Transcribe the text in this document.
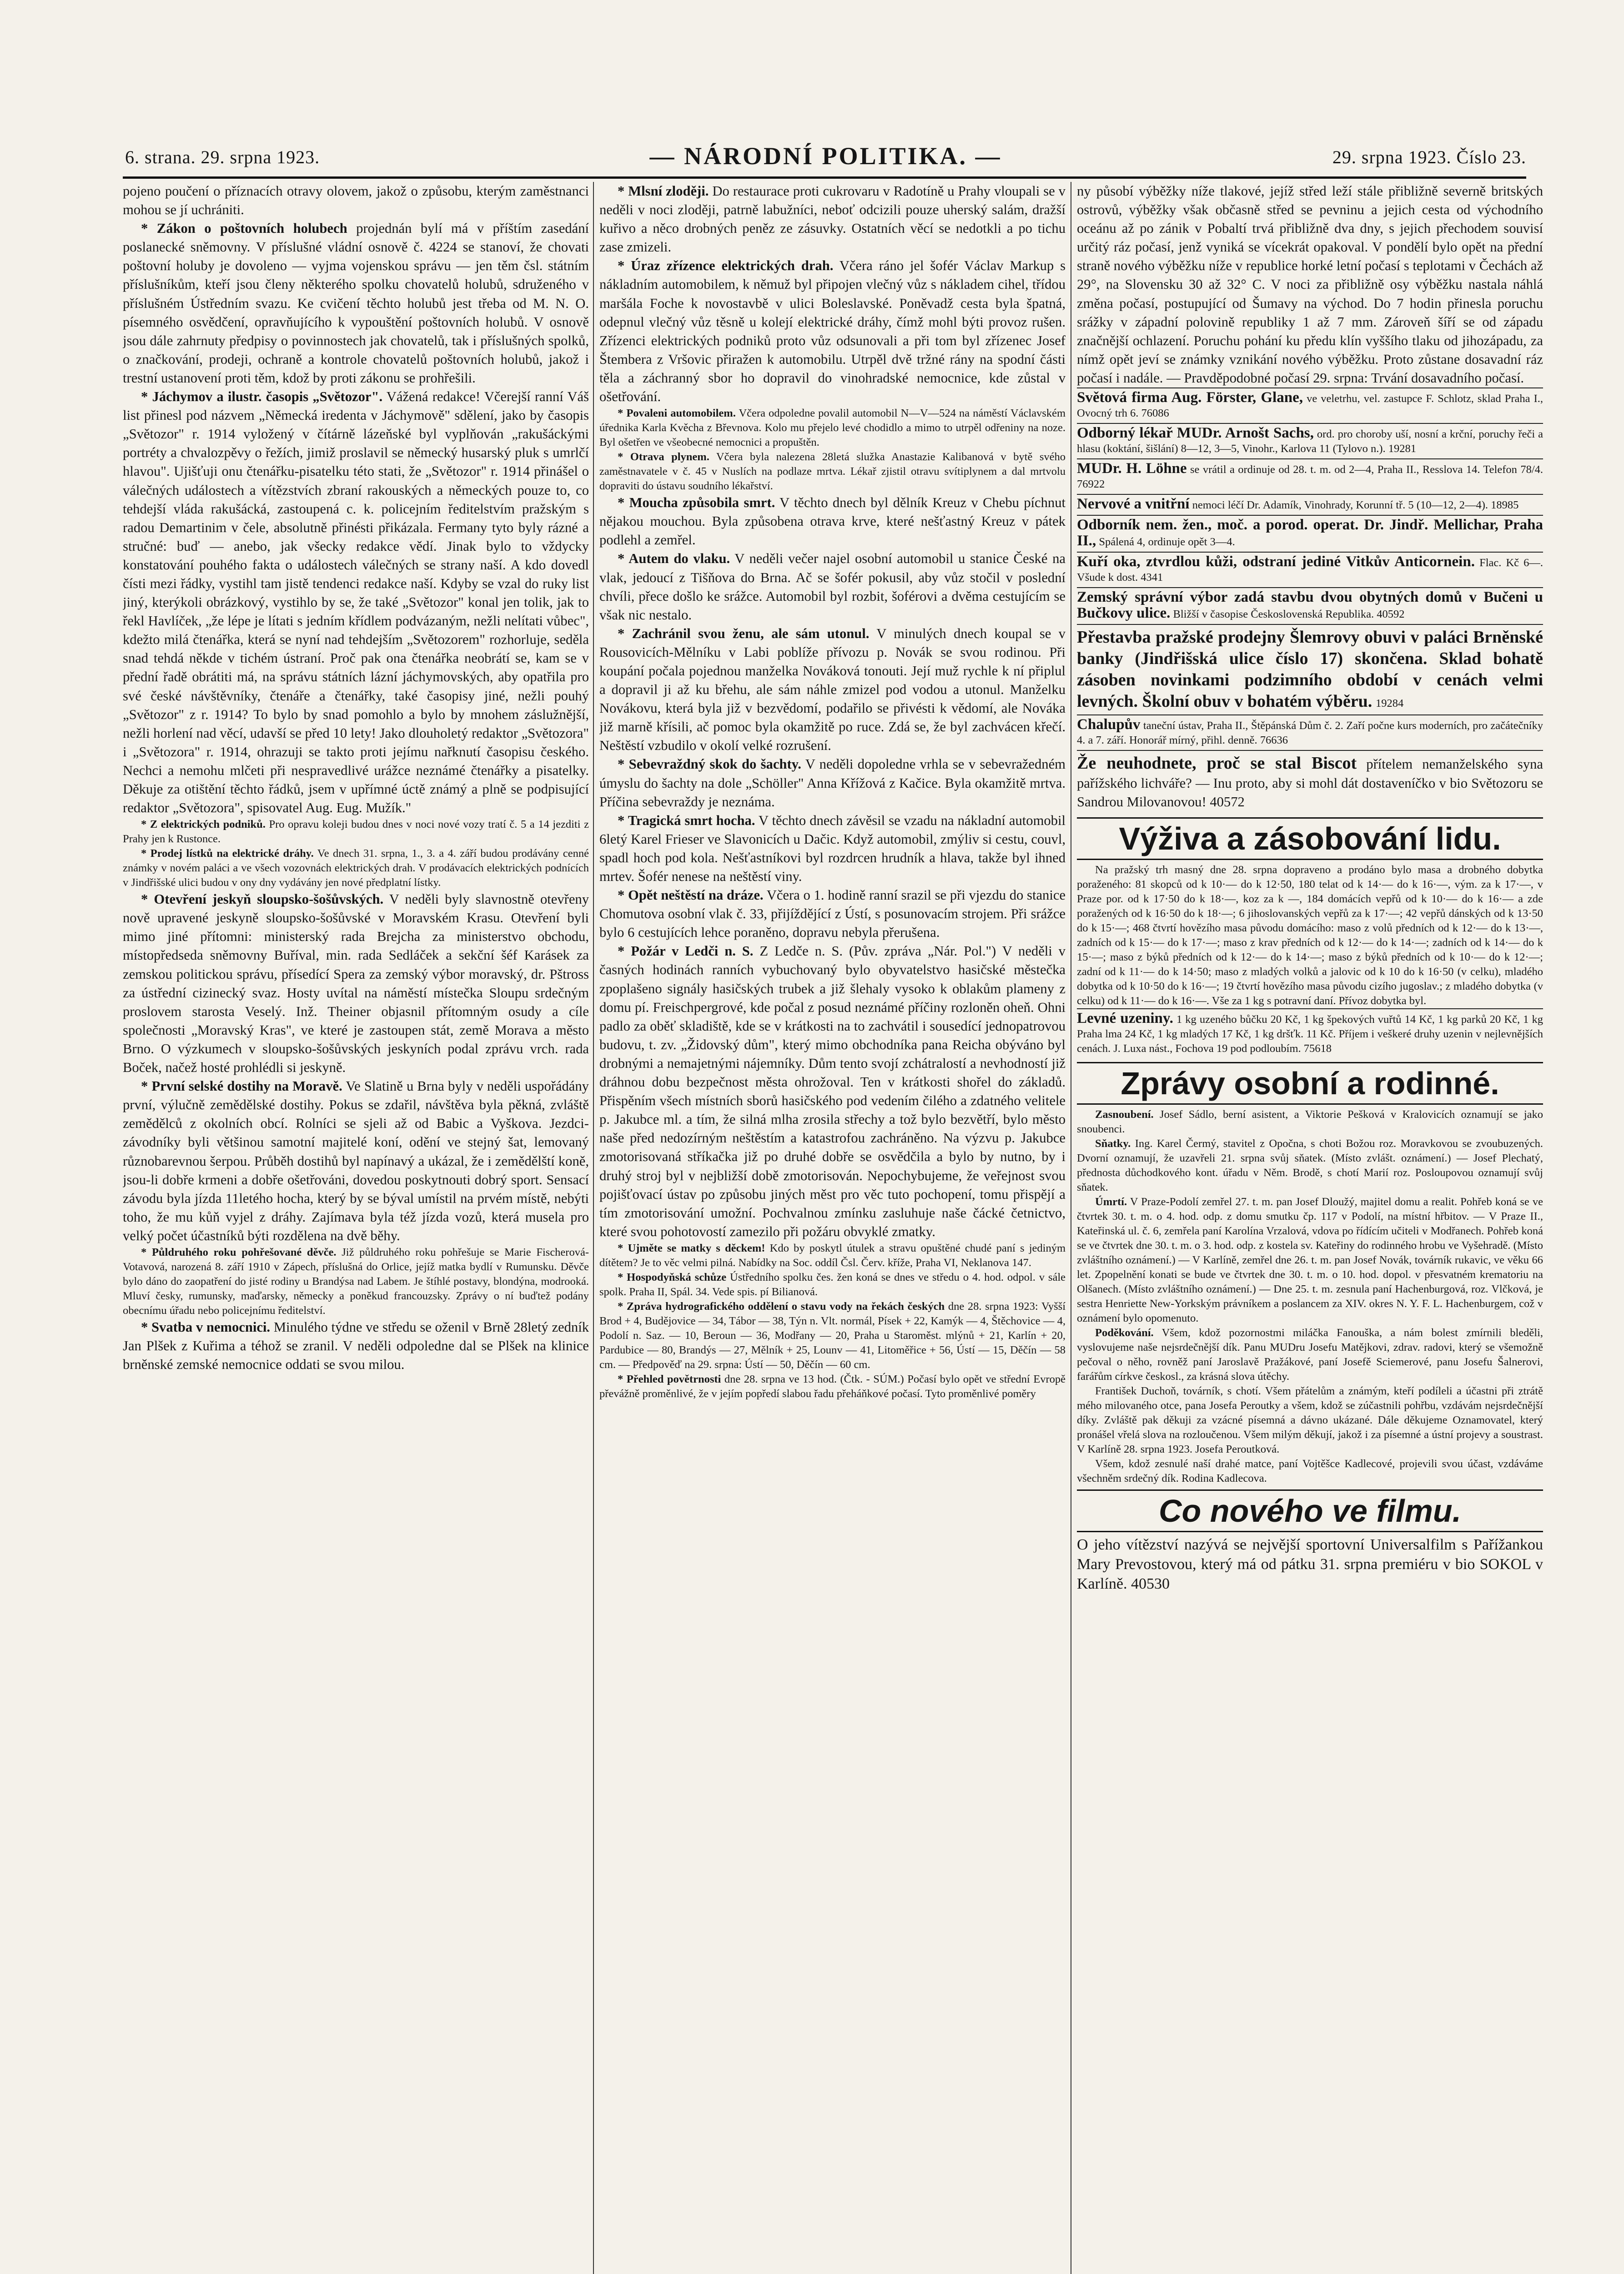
6. strana. 29. srpna 1923.	— NÁRODNÍ POLITIKA. —	29. srpna 1923. Číslo 23.

pojeno poučení o příznacích otravy olovem, jakož o způsobu, kterým zaměstnanci mohou se jí uchrániti.

* Zákon o poštovních holubech projednán bylí má v příštím zasedání poslanecké sněmovny. V příslušné vládní osnově č. 4224 se stanoví, že chovati poštovní holuby je dovoleno — vyjma vojenskou správu — jen těm čsl. státním příslušníkům, kteří jsou členy některého spolku chovatelů holubů, sdruženého v příslušném Ústředním svazu. Ke cvičení těchto holubů jest třeba od M. N. O. písemného osvědčení, opravňujícího k vypouštění poštovních holubů. V osnově jsou dále zahrnuty předpisy o povinnostech jak chovatelů, tak i příslušných spolků, o značkování, prodeji, ochraně a kontrole chovatelů poštovních holubů, jakož i trestní ustanovení proti těm, kdož by proti zákonu se prohřešili.

* Jáchymov a ilustr. časopis „Světozor". Vážená redakce! Včerejší ranní Váš list přinesl pod názvem „Německá iredenta v Jáchymově" sdělení, jako by časopis „Světozor" r. 1914 vyložený v čítárně lázeňské byl vyplňován „rakušáckými portréty a chvalozpěvy o řežích, jimiž proslavil se německý husarský pluk s umrlčí hlavou". Ujišťuji onu čtenářku-pisatelku této stati, že „Světozor" r. 1914 přinášel o válečných událostech a vítězstvích zbraní rakouských a německých pouze to, co tehdejší vláda rakušácká, zastoupená c. k. policejním ředitelstvím pražským s radou Demartinim v čele, absolutně přinésti přikázala. Fermany tyto byly rázné a stručné: buď — anebo, jak všecky redakce vědí. Jinak bylo to vždycky konstatování pouhého fakta o událostech válečných se strany naší. A kdo dovedl čísti mezi řádky, vystihl tam jistě tendenci redakce naší. Kdyby se vzal do ruky list jiný, kterýkoli obrázkový, vystihlo by se, že také „Světozor" konal jen tolik, jak to řekl Havlíček, „že lépe je lítati s jedním křídlem podvázaným, nežli nelítati vůbec", kdežto milá čtenářka, která se nyní nad tehdejším „Světozorem" rozhorluje, seděla snad tehdá někde v tichém ústraní. Proč pak ona čtenářka neobrátí se, kam se v přední řadě obrátiti má, na správu státních lázní jáchymovských, aby opatřila pro své české návštěvníky, čtenáře a čtenářky, také časopisy jiné, nežli pouhý „Světozor" z r. 1914? To bylo by snad pomohlo a bylo by mnohem záslužnější, nežli horlení nad věcí, udavší se před 10 lety! Jako dlouholetý redaktor „Světozora" i „Světozora" r. 1914, ohrazuji se takto proti jejímu nařknutí časopisu českého. Nechci a nemohu mlčeti při nespravedlivé urážce neznámé čtenářky a pisatelky. Děkuje za otištění těchto řádků, jsem v upřímné úctě známý a plně se podpisující redaktor „Světozora", spisovatel Aug. Eug. Mužík."

* Z elektrických podniků. Pro opravu koleji budou dnes v noci nové vozy tratí č. 5 a 14 jezditi z Prahy jen k Rustonce.

* Prodej lístků na elektrické dráhy. Ve dnech 31. srpna, 1., 3. a 4. září budou prodávány cenné známky v novém paláci a ve všech vozovnách elektrických drah. V prodávacích elektrických podnících v Jindřišské ulici budou v ony dny vydávány jen nové předplatní lístky.

* Otevření jeskyň sloupsko-šošůvských. V neděli byly slavnostně otevřeny nově upravené jeskyně sloupsko-šošůvské v Moravském Krasu. Otevření byli mimo jiné přítomni: ministerský rada Brejcha za ministerstvo obchodu, místopředseda sněmovny Buříval, min. rada Sedláček a sekční šéf Karásek za zemskou politickou správu, přísedící Spera za zemský výbor moravský, dr. Pštross za ústřední cizinecký svaz. Hosty uvítal na náměstí místečka Sloupu srdečným proslovem starosta Veselý. Inž. Theiner objasnil přítomným osudy a cíle společnosti „Moravský Kras", ve které je zastoupen stát, země Morava a město Brno. O výzkumech v sloupsko-šošůvských jeskyních podal zprávu vrch. rada Boček, načež hosté prohlédli si jeskyně.

* První selské dostihy na Moravě. Ve Slatině u Brna byly v neděli uspořádány první, výlučně zemědělské dostihy. Pokus se zdařil, návštěva byla pěkná, zvláště zemědělců z okolních obcí. Rolníci se sjeli až od Babic a Vyškova. Jezdci-závodníky byli většinou samotní majitelé koní, odění ve stejný šat, lemovaný různobarevnou šerpou. Průběh dostihů byl napínavý a ukázal, že i zemědělští koně, jsou-li dobře krmeni a dobře ošetřováni, dovedou poskytnouti dobrý sport. Sensací závodu byla jízda 11letého hocha, který by se býval umístil na prvém místě, nebýti toho, že mu kůň vyjel z dráhy. Zajímava byla též jízda vozů, která musela pro velký počet účastníků býti rozdělena na dvě běhy.

* Půldruhého roku pohřešované děvče. Již půldruhého roku pohřešuje se Marie Fischerová-Votavová, narozená 8. září 1910 v Zápech, příslušná do Orlice, jejíž matka bydlí v Rumunsku. Děvče bylo dáno do zaopatření do jisté rodiny u Brandýsa nad Labem. Je štíhlé postavy, blondýna, modrooká. Mluví česky, rumunsky, maďarsky, německy a poněkud francouzsky. Zprávy o ní buďtež podány obecnímu úřadu nebo policejnímu ředitelství.

* Svatba v nemocnici. Minulého týdne ve středu se oženil v Brně 28letý zedník Jan Plšek z Kuřima a téhož se zranil. V neděli odpoledne dal se Plšek na klinice brněnské zemské nemocnice oddati se svou milou.

* Mlsní zloději. Do restaurace proti cukrovaru v Radotíně u Prahy vloupali se v neděli v noci zloději, patrně labužníci, neboť odcizili pouze uherský salám, dražší kuřivo a něco drobných peněz ze zásuvky. Ostatních věcí se nedotkli a po tichu zase zmizeli.

* Úraz zřízence elektrických drah. Včera ráno jel šofér Václav Markup s nákladním automobilem, k němuž byl připojen vlečný vůz s nákladem cihel, třídou maršála Foche k novostavbě v ulici Boleslavské. Poněvadž cesta byla špatná, odepnul vlečný vůz těsně u kolejí elektrické dráhy, čímž mohl býti provoz rušen. Zřízenci elektrických podniků proto vůz odsunovali a při tom byl zřízenec Josef Štembera z Vršovic přiražen k automobilu. Utrpěl dvě tržné rány na spodní části těla a záchranný sbor ho dopravil do vinohradské nemocnice, kde zůstal v ošetřování.

* Povaleni automobilem. Včera odpoledne povalil automobil N—V—524 na náměstí Václavském úřednika Karla Kvěcha z Břevnova. Kolo mu přejelo levé chodidlo a mimo to utrpěl odřeniny na noze. Byl ošetřen ve všeobecné nemocnici a propuštěn.

* Otrava plynem. Včera byla nalezena 28letá služka Anastazie Kalibanová v bytě svého zaměstnavatele v č. 45 v Nuslích na podlaze mrtva. Lékař zjistil otravu svítiplynem a dal mrtvolu dopraviti do ústavu soudního lékařství.

* Moucha způsobila smrt. V těchto dnech byl dělník Kreuz v Chebu píchnut nějakou mouchou. Byla způsobena otrava krve, které nešťastný Kreuz v pátek podlehl a zemřel.

* Autem do vlaku. V neděli večer najel osobní automobil u stanice České na vlak, jedoucí z Tišňova do Brna. Ač se šofér pokusil, aby vůz stočil v poslední chvíli, přece došlo ke srážce. Automobil byl rozbit, šoférovi a dvěma cestujícím se však nic nestalo.

* Zachránil svou ženu, ale sám utonul. V minulých dnech koupal se v Rousovicích-Mělníku v Labi poblíže přívozu p. Novák se svou rodinou. Při koupání počala pojednou manželka Nováková tonouti. Její muž rychle k ní připlul a dopravil ji až ku břehu, ale sám náhle zmizel pod vodou a utonul. Manželku Novákovu, která byla již v bezvědomí, podařilo se přivésti k vědomí, ale Nováka již marně křísili, ač pomoc byla okamžitě po ruce. Zdá se, že byl zachvácen křečí. Neštěstí vzbudilo v okolí velké rozrušení.

* Sebevraždný skok do šachty. V neděli dopoledne vrhla se v sebevražedném úmyslu do šachty na dole „Schöller" Anna Křížová z Kačice. Byla okamžitě mrtva. Příčina sebevraždy je neznáma.

* Tragická smrt hocha. V těchto dnech závěsil se vzadu na nákladní automobil 6letý Karel Frieser ve Slavonicích u Dačic. Když automobil, zmýliv si cestu, couvl, spadl hoch pod kola. Nešťastníkovi byl rozdrcen hrudník a hlava, takže byl ihned mrtev. Šofér nenese na neštěstí viny.

* Opět neštěstí na dráze. Včera o 1. hodině ranní srazil se při vjezdu do stanice Chomutova osobní vlak č. 33, přijíždějící z Ústí, s posunovacím strojem. Při srážce bylo 6 cestujících lehce poraněno, dopravu nebyla přerušena.

* Požár v Ledči n. S. Z Ledče n. S. (Pův. zpráva „Nár. Pol.") V neděli v časných hodinách ranních vybuchovaný bylo obyvatelstvo hasičské městečka zpoplašeno signály hasičských trubek a již šlehaly vysoko k oblakům plameny z domu pí. Freischpergrové, kde počal z posud neznámé příčiny rozloněn oheň. Ohni padlo za oběť skladiště, kde se v krátkosti na to zachvátil i sousedící jednopatrovou budovu, t. zv. „Židovský dům", který mimo obchodníka pana Reicha obýváno byl drobnými a nemajetnými nájemníky. Dům tento svojí zchátralostí a nevhodností již dráhnou dobu bezpečnost města ohrožoval. Ten v krátkosti shořel do základů. Přispěním všech místních sborů hasičského pod vedením čilého a zdatného velitele p. Jakubce ml. a tím, že silná mlha zrosila střechy a tož bylo bezvětří, bylo město naše před nedozírným neštěstím a katastrofou zachráněno. Na výzvu p. Jakubce zmotorisovaná stříkačka již po druhé dobře se osvědčila a bylo by nutno, by i druhý stroj byl v nejbližší době zmotorisován. Nepochybujeme, že veřejnost svou pojišťovací ústav po způsobu jiných měst pro věc tuto pochopení, tomu přispějí a tím zmotorisování umožní. Pochvalnou zmínku zasluhuje naše čácké četnictvo, které svou pohotovostí zamezilo při požáru obvyklé zmatky.

* Ujměte se matky s děckem! Kdo by poskytl útulek a stravu opuštěné chudé paní s jediným dítětem? Je to věc velmi pilná. Nabídky na Soc. oddíl Čsl. Červ. kříže, Praha VI, Neklanova 147.

* Hospodyňská schůze Ústředního spolku čes. žen koná se dnes ve středu o 4. hod. odpol. v sále spolk. Praha II, Spál. 34. Vede spis. pí Bilianová.

* Zpráva hydrografického oddělení o stavu vody na řekách českých dne 28. srpna 1923: Vyšší Brod + 4, Budějovice — 34, Tábor — 38, Týn n. Vlt. normál, Písek + 22, Kamýk — 4, Štěchovice — 4, Podolí n. Saz. — 10, Beroun — 36, Modřany — 20, Praha u Staroměst. mlýnů + 21, Karlín + 20, Pardubice — 80, Brandýs — 27, Mělník + 25, Lounv — 41, Litoměřice + 56, Ústí — 15, Děčín — 58 cm. — Předpověď na 29. srpna: Ústí — 50, Děčín — 60 cm.

* Přehled povětrnosti dne 28. srpna ve 13 hod. (Čtk. - SÚM.) Počasí bylo opět ve střední Evropě převážně proměnlivé, že v jejím popředí slabou řadu přeháňkové počasí. Tyto proměnlivé poměry

ny působí výběžky níže tlakové, jejíž střed leží stále přibližně severně britských ostrovů, výběžky však občasně střed se pevninu a jejich cesta od východního oceánu až po zánik v Pobaltí trvá přibližně dva dny, s jejich přechodem souvisí určitý ráz počasí, jenž vyniká se vícekrát opakoval. V pondělí bylo opět na přední straně nového výběžku níže v republice horké letní počasí s teplotami v Čechách až 29°, na Slovensku 30 až 32° C. V noci za přibližně osy výběžku nastala náhlá změna počasí, postupující od Šumavy na východ. Do 7 hodin přinesla poruchu srážky v západní polovině republiky 1 až 7 mm. Zároveň šíří se od západu značnější ochlazení. Poruchu pohání ku předu klín vyššího tlaku od jihozápadu, za nímž opět jeví se známky vznikání nového výběžku. Proto zůstane dosavadní ráz počasí i nadále. — Pravděpodobné počasí 29. srpna: Trvání dosavadního počasí.

Světová firma Aug. Förster, Glane, ve veletrhu, vel. zastupce F. Schlotz, sklad Praha I., Ovocný trh 6. 76086

Odborný lékař MUDr. Arnošt Sachs, ord. pro choroby uší, nosní a krční, poruchy řeči a hlasu (koktání, šišlání) 8—12, 3—5, Vinohr., Karlova 11 (Tylovo n.). 19281

MUDr. H. Löhne se vrátil a ordinuje od 28. t. m. od 2—4, Praha II., Resslova 14. Telefon 78/4. 76922

Nervové a vnitřní nemoci léčí Dr. Adamík, Vinohrady, Korunní tř. 5 (10—12, 2—4). 18985

Odborník nem. žen., moč. a porod. operat. Dr. Jindř. Mellichar, Praha II., Spálená 4, ordinuje opět 3—4.

Kuří oka, ztvrdlou kůži, odstraní jediné Vitkův Anticornein. Flac. Kč 6—. Všude k dost. 4341

Zemský správní výbor zadá stavbu dvou obytných domů v Bučeni u Bučkovy ulice. Bližší v časopise Československá Republika. 40592

Přestavba pražské prodejny Šlemrovy obuvi v paláci Brněnské banky (Jindřišská ulice číslo 17) skončena. Sklad bohatě zásoben novinkami podzimního období v cenách velmi levných. Školní obuv v bohatém výběru. 19284

Chalupův taneční ústav, Praha II., Štěpánská Dům č. 2. Zaří počne kurs moderních, pro začátečníky 4. a 7. září. Honorář mírný, přihl. denně. 76636

Že neuhodnete, proč se stal Biscot přítelem nemanželského syna pařížského lichváře? — Inu proto, aby si mohl dát dostaveníčko v bio Světozoru se Sandrou Milovanovou! 40572

Výživa a zásobování lidu.

Na pražský trh masný dne 28. srpna dopraveno a prodáno bylo masa a drobného dobytka poraženého: 81 skopců od k 10·— do k 12·50, 180 telat od k 14·— do k 16·—, vým. za k 17·—, v Praze por. od k 17·50 do k 18·—, koz za k —, 184 domácích vepřů od k 10·— do k 16·— a zde poražených od k 16·50 do k 18·—; 6 jihoslovanských vepřů za k 17·—; 42 vepřů dánských od k 13·50 do k 15·—; 468 čtvrtí hovězího masa původu domácího: maso z volů předních od k 12·— do k 13·—, zadních od k 15·— do k 17·—; maso z krav předních od k 12·— do k 14·—; zadních od k 14·— do k 15·—; maso z býků předních od k 12·— do k 14·—; maso z býků předních od k 10·— do k 12·—; zadní od k 11·— do k 14·50; maso z mladých volků a jalovic od k 10 do k 16·50 (v celku), mladého dobytka od k 10·50 do k 16·—; 19 čtvrtí hovězího masa původu cizího jugoslav.; z mladého dobytka (v celku) od k 11·— do k 16·—. Vše za 1 kg s potravní daní. Přívoz dobytka byl.

Levné uzeniny. 1 kg uzeného bůčku 20 Kč, 1 kg špekových vuřtů 14 Kč, 1 kg parků 20 Kč, 1 kg Praha lma 24 Kč, 1 kg mladých 17 Kč, 1 kg dršťk. 11 Kč. Příjem i veškeré druhy uzenin v nejlevnějších cenách. J. Luxa nást., Fochova 19 pod podloubím. 75618

Zprávy osobní a rodinné.

Zasnoubení. Josef Sádlo, berní asistent, a Viktorie Pešková v Kralovicích oznamují se jako snoubenci.

Sňatky. Ing. Karel Čermý, stavitel z Opočna, s choti Božou roz. Moravkovou se zvoubuzených. Dvorní oznamují, že uzavřeli 21. srpna svůj sňatek. (Místo zvlášt. oznámení.) — Josef Plechatý, přednosta důchodkového kont. úřadu v Něm. Brodě, s chotí Marií roz. Posloupovou oznamují svůj sňatek.

Úmrtí. V Praze-Podolí zemřel 27. t. m. pan Josef Dloužý, majitel domu a realit. Pohřeb koná se ve čtvrtek 30. t. m. o 4. hod. odp. z domu smutku čp. 117 v Podolí, na místní hřbitov. — V Praze II., Kateřinská ul. č. 6, zemřela paní Karolína Vrzalová, vdova po řídícím učiteli v Modřanech. Pohřeb koná se ve čtvrtek dne 30. t. m. o 3. hod. odp. z kostela sv. Kateřiny do rodinného hrobu ve Vyšehradě. (Místo zvláštního oznámení.) — V Karlíně, zemřel dne 26. t. m. pan Josef Novák, továrník rukavic, ve věku 66 let. Zpopelnění konati se bude ve čtvrtek dne 30. t. m. o 10. hod. dopol. v přesvatném krematoriu na Olšanech. (Místo zvláštního oznámení.) — Dne 25. t. m. zesnula paní Hachenburgová, roz. Vlčková, je sestra Henriette New-Yorkským právníkem a poslancem za XIV. okres N. Y. F. L. Hachenburgem, což v oznámení bylo opomenuto.

Poděkování. Všem, kdož pozornostmi miláčka Fanouška, a nám bolest zmírnili bleděli, vyslovujeme naše nejsrdečnější dík. Panu MUDru Josefu Matějkovi, zdrav. radovi, který se všemožně pečoval o něho, rovněž paní Jaroslavě Pražákové, paní Josefě Sciemerové, panu Josefu Šalnerovi, farářům církve českosl., za krásná slova útěchy.

František Duchoň, továrník, s chotí. Všem přátelům a známým, kteří podíleli a účastni při ztrátě mého milovaného otce, pana Josefa Peroutky a všem, kdož se zúčastnili pohřbu, vzdávám nejsrdečnější díky. Zvláště pak děkuji za vzácné písemná a dávno ukázané. Dále děkujeme Oznamovatel, který pronášel vřelá slova na rozloučenou. Všem milým děkují, jakož i za písemné a ústní projevy a soustrast. V Karlíně 28. srpna 1923. Josefa Peroutková.

Všem, kdož zesnulé naší drahé matce, paní Vojtěšce Kadlecové, projevili svou účast, vzdáváme všechněm srdečný dík. Rodina Kadlecova.

Co nového ve filmu.

O jeho vítězství nazývá se nejvější sportovní Universalfilm s Pařížankou Mary Prevostovou, který má od pátku 31. srpna premiéru v bio SOKOL v Karlíně. 40530
